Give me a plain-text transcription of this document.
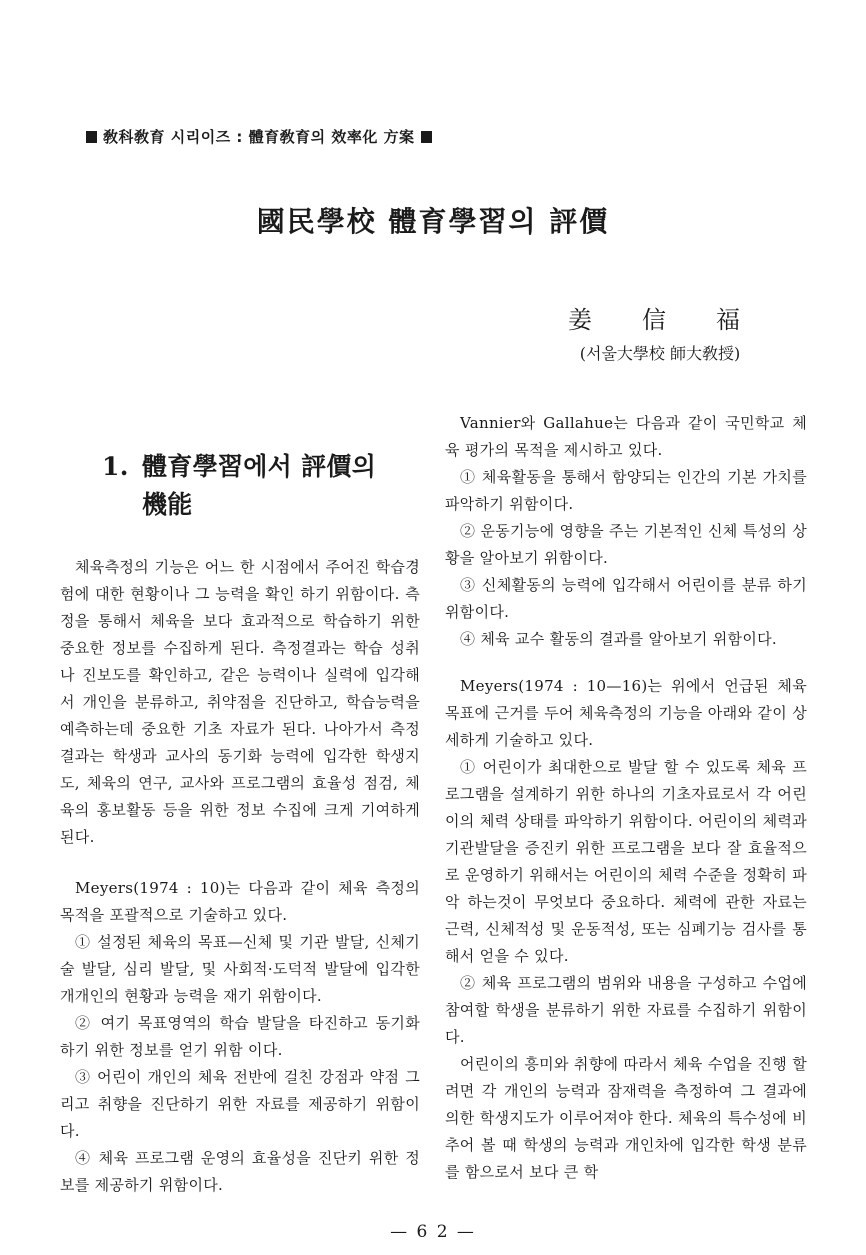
敎科敎育 시리이즈 : 體育敎育의 效率化 方案
國民學校 體育學習의 評價
姜 信 福
(서울大學校 師大敎授)
1. 體育學習에서 評價의
機能

체육측정의 기능은 어느 한 시점에서 주어진 학습경험에 대한 현황이나 그 능력을 확인 하기 위함이다. 측정을 통해서 체육을 보다 효과적으로 학습하기 위한 중요한 정보를 수집하게 된다. 측정결과는 학습 성취나 진보도를 확인하고, 같은 능력이나 실력에 입각해서 개인을 분류하고, 취약점을 진단하고, 학습능력을 예측하는데 중요한 기초 자료가 된다. 나아가서 측정결과는 학생과 교사의 동기화 능력에 입각한 학생지도, 체육의 연구, 교사와 프로그램의 효율성 점검, 체육의 홍보활동 등을 위한 정보 수집에 크게 기여하게 된다.

Meyers(1974 : 10)는 다음과 같이 체육 측정의 목적을 포괄적으로 기술하고 있다.

① 설정된 체육의 목표—신체 및 기관 발달, 신체기술 발달, 심리 발달, 및 사회적·도덕적 발달에 입각한 개개인의 현황과 능력을 재기 위함이다.

② 여기 목표영역의 학습 발달을 타진하고 동기화 하기 위한 정보를 얻기 위함 이다.

③ 어린이 개인의 체육 전반에 걸친 강점과 약점 그리고 취향을 진단하기 위한 자료를 제공하기 위함이다.

④ 체육 프로그램 운영의 효율성을 진단키 위한 정보를 제공하기 위함이다.

Vannier와 Gallahue는 다음과 같이 국민학교 체육 평가의 목적을 제시하고 있다.

① 체육활동을 통해서 함양되는 인간의 기본 가치를 파악하기 위함이다.

② 운동기능에 영향을 주는 기본적인 신체 특성의 상황을 알아보기 위함이다.

③ 신체활동의 능력에 입각해서 어린이를 분류 하기 위함이다.

④ 체육 교수 활동의 결과를 알아보기 위함이다.

Meyers(1974 : 10—16)는 위에서 언급된 체육 목표에 근거를 두어 체육측정의 기능을 아래와 같이 상세하게 기술하고 있다.

① 어린이가 최대한으로 발달 할 수 있도록 체육 프로그램을 설계하기 위한 하나의 기초자료로서 각 어린이의 체력 상태를 파악하기 위함이다. 어린이의 체력과 기관발달을 증진키 위한 프로그램을 보다 잘 효율적으로 운영하기 위해서는 어린이의 체력 수준을 정확히 파악 하는것이 무엇보다 중요하다. 체력에 관한 자료는 근력, 신체적성 및 운동적성, 또는 심폐기능 검사를 통해서 얻을 수 있다.

② 체육 프로그램의 범위와 내용을 구성하고 수업에 참여할 학생을 분류하기 위한 자료를 수집하기 위함이다.

어린이의 흥미와 취향에 따라서 체육 수업을 진행 할려면 각 개인의 능력과 잠재력을 측정하여 그 결과에 의한 학생지도가 이루어져야 한다. 체육의 특수성에 비추어 볼 때 학생의 능력과 개인차에 입각한 학생 분류를 함으로서 보다 큰 학

— 6 2 —
